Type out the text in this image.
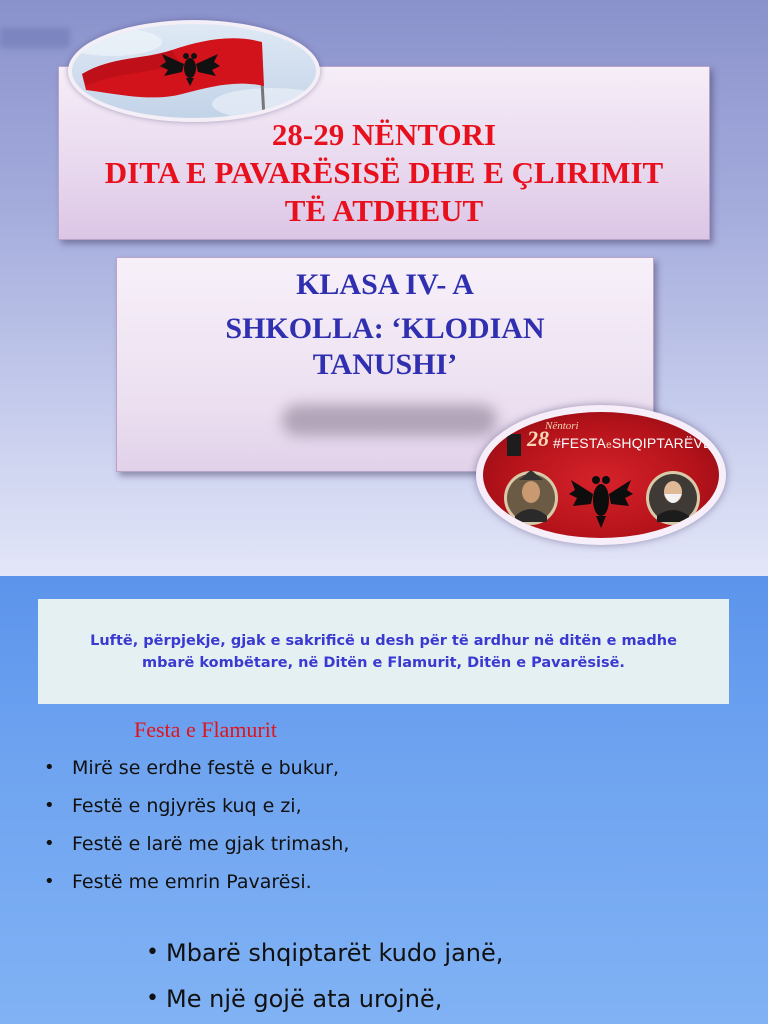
28-29 NËNTORI
DITA E PAVARËSISË DHE E ÇLIRIMIT
TË ATDHEUT
KLASA IV- A
SHKOLLA: ‘KLODIAN
TANUSHI’
28
Nëntori
#FESTAeSHQIPTARËVE
Luftë, përpjekje, gjak e sakrificë u desh për të ardhur në ditën e madhe mbarë kombëtare, në Ditën e Flamurit, Ditën e Pavarësisë.
Festa e Flamurit
• Mirë se erdhe festë e bukur,
• Festë e ngjyrës kuq e zi,
• Festë e larë me gjak trimash,
• Festë me emrin Pavarësi.
• Mbarë shqiptarët kudo janë,
• Me një gojë ata urojnë,
